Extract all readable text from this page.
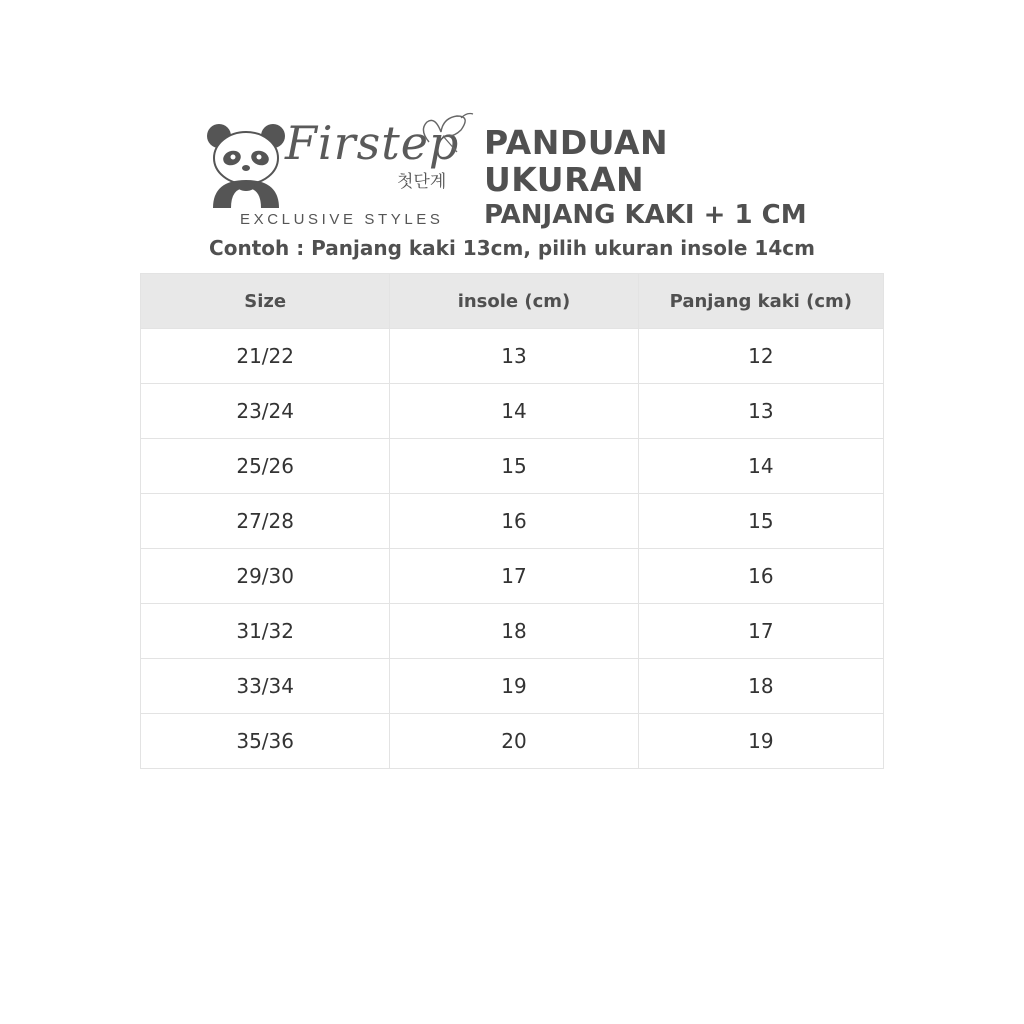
Firstep
첫단계
EXCLUSIVE STYLES
PANDUAN
UKURAN
PANJANG KAKI + 1 CM
Contoh : Panjang kaki 13cm, pilih ukuran insole 14cm
Size	insole (cm)	Panjang kaki (cm)
21/22	13	12
23/24	14	13
25/26	15	14
27/28	16	15
29/30	17	16
31/32	18	17
33/34	19	18
35/36	20	19
